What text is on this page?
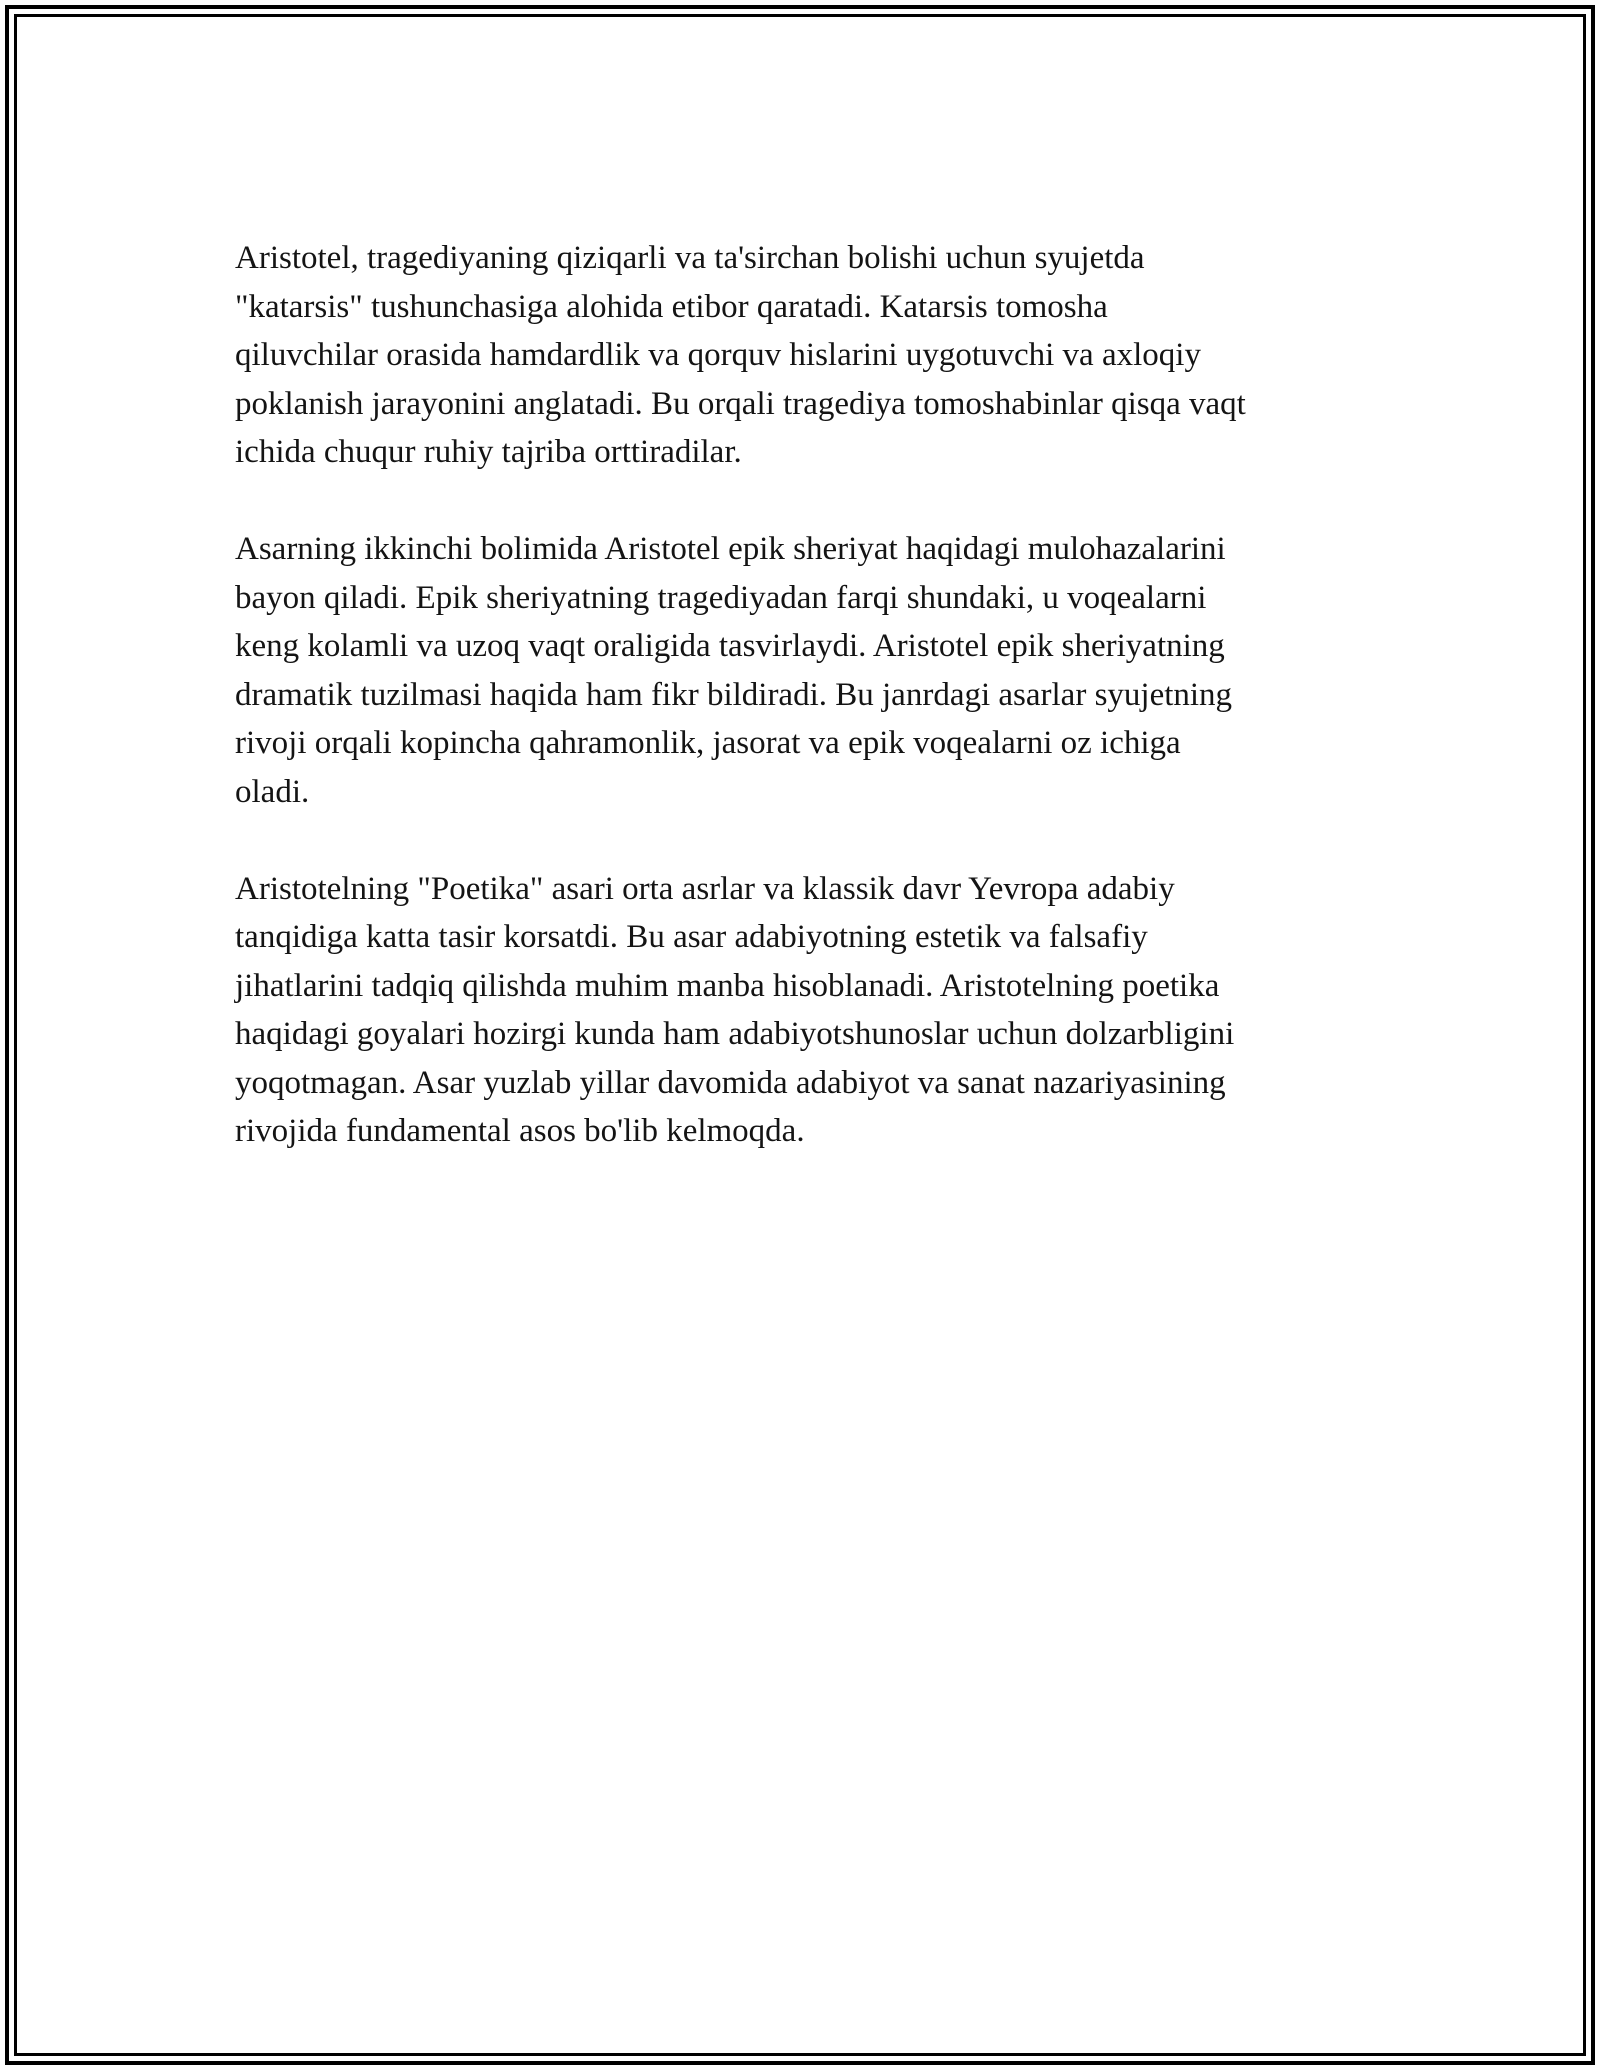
Aristotel, tragediyaning qiziqarli va ta'sirchan bolishi uchun syujetda
"katarsis" tushunchasiga alohida etibor qaratadi. Katarsis tomosha
qiluvchilar orasida hamdardlik va qorquv hislarini uygotuvchi va axloqiy
poklanish jarayonini anglatadi. Bu orqali tragediya tomoshabinlar qisqa vaqt
ichida chuqur ruhiy tajriba orttiradilar.

Asarning ikkinchi bolimida Aristotel epik sheriyat haqidagi mulohazalarini
bayon qiladi. Epik sheriyatning tragediyadan farqi shundaki, u voqealarni
keng kolamli va uzoq vaqt oraligida tasvirlaydi. Aristotel epik sheriyatning
dramatik tuzilmasi haqida ham fikr bildiradi. Bu janrdagi asarlar syujetning
rivoji orqali kopincha qahramonlik, jasorat va epik voqealarni oz ichiga
oladi.

Aristotelning "Poetika" asari orta asrlar va klassik davr Yevropa adabiy
tanqidiga katta tasir korsatdi. Bu asar adabiyotning estetik va falsafiy
jihatlarini tadqiq qilishda muhim manba hisoblanadi. Aristotelning poetika
haqidagi goyalari hozirgi kunda ham adabiyotshunoslar uchun dolzarbligini
yoqotmagan. Asar yuzlab yillar davomida adabiyot va sanat nazariyasining
rivojida fundamental asos bo'lib kelmoqda.
